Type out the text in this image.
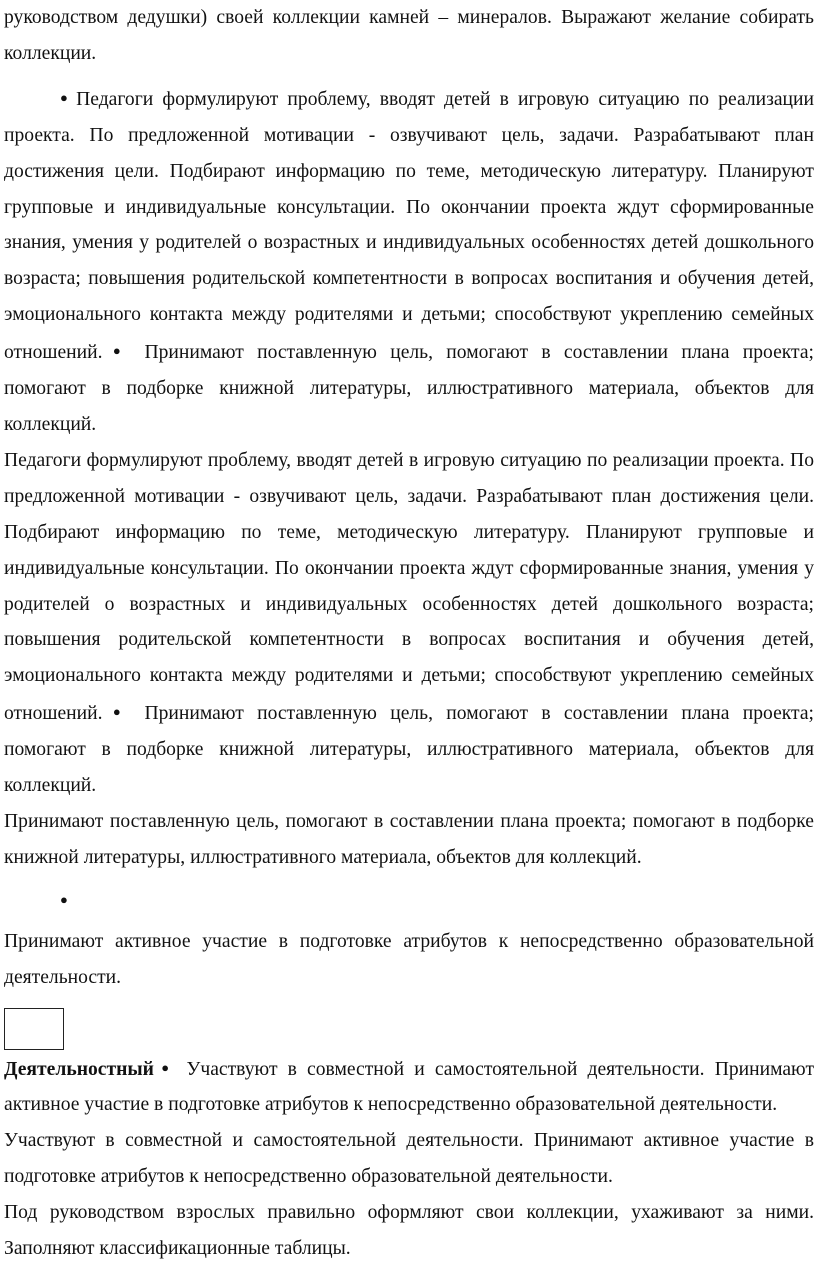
руководством дедушки) своей коллекции камней – минералов. Выражают желание собирать коллекции.

● Педагоги формулируют проблему, вводят детей в игровую ситуацию по реализации проекта. По предложенной мотивации - озвучивают цель, задачи. Разрабатывают план достижения цели. Подбирают информацию по теме, методическую литературу. Планируют групповые и индивидуальные консультации. По окончании проекта ждут сформированные знания, умения у родителей о возрастных и индивидуальных особенностях детей дошкольного возраста; повышения родительской компетентности в вопросах воспитания и обучения детей, эмоционального контакта между родителями и детьми; способствуют укреплению семейных отношений. ● Принимают поставленную цель, помогают в составлении плана проекта; помогают в подборке книжной литературы, иллюстративного материала, объектов для коллекций.

Педагоги формулируют проблему, вводят детей в игровую ситуацию по реализации проекта. По предложенной мотивации - озвучивают цель, задачи. Разрабатывают план достижения цели. Подбирают информацию по теме, методическую литературу. Планируют групповые и индивидуальные консультации. По окончании проекта ждут сформированные знания, умения у родителей о возрастных и индивидуальных особенностях детей дошкольного возраста; повышения родительской компетентности в вопросах воспитания и обучения детей, эмоционального контакта между родителями и детьми; способствуют укреплению семейных отношений. ● Принимают поставленную цель, помогают в составлении плана проекта; помогают в подборке книжной литературы, иллюстративного материала, объектов для коллекций.

Принимают поставленную цель, помогают в составлении плана проекта; помогают в подборке книжной литературы, иллюстративного материала, объектов для коллекций.

●

Принимают активное участие в подготовке атрибутов к непосредственно образовательной деятельности.

Деятельностный ● Участвуют в совместной и самостоятельной деятельности. Принимают активное участие в подготовке атрибутов к непосредственно образовательной деятельности.

Участвуют в совместной и самостоятельной деятельности. Принимают активное участие в подготовке атрибутов к непосредственно образовательной деятельности.

Под руководством взрослых правильно оформляют свои коллекции, ухаживают за ними. Заполняют классификационные таблицы.
